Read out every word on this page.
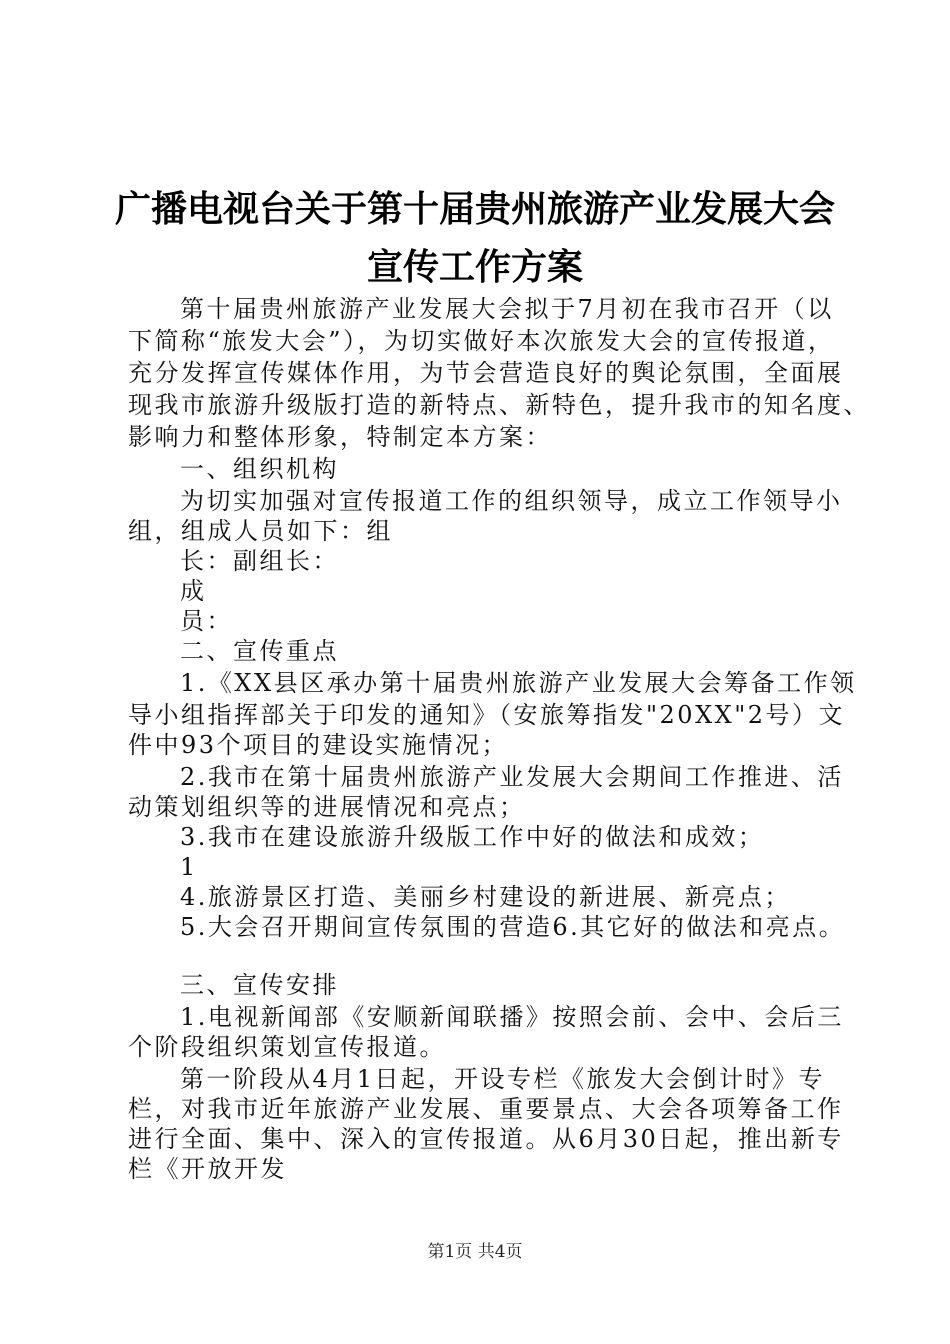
广播电视台关于第十届贵州旅游产业发展大会
宣传工作方案
第十届贵州旅游产业发展大会拟于7月初在我市召开（以
下简称“旅发大会”），为切实做好本次旅发大会的宣传报道，
充分发挥宣传媒体作用，为节会营造良好的舆论氛围，全面展
现我市旅游升级版打造的新特点、新特色，提升我市的知名度、
影响力和整体形象，特制定本方案：
一、组织机构
为切实加强对宣传报道工作的组织领导，成立工作领导小
组，组成人员如下：组
长：副组长：
成
员：
二、宣传重点
1.《XX县区承办第十届贵州旅游产业发展大会筹备工作领
导小组指挥部关于印发的通知》（安旅筹指发"20XX"2号）文
件中93个项目的建设实施情况；
2.我市在第十届贵州旅游产业发展大会期间工作推进、活
动策划组织等的进展情况和亮点；
3.我市在建设旅游升级版工作中好的做法和成效；
1
4.旅游景区打造、美丽乡村建设的新进展、新亮点；
5.大会召开期间宣传氛围的营造6.其它好的做法和亮点。
三、宣传安排
1.电视新闻部《安顺新闻联播》按照会前、会中、会后三
个阶段组织策划宣传报道。
第一阶段从4月1日起，开设专栏《旅发大会倒计时》专
栏，对我市近年旅游产业发展、重要景点、大会各项筹备工作
进行全面、集中、深入的宣传报道。从6月30日起，推出新专
栏《开放开发
第1页 共4页
